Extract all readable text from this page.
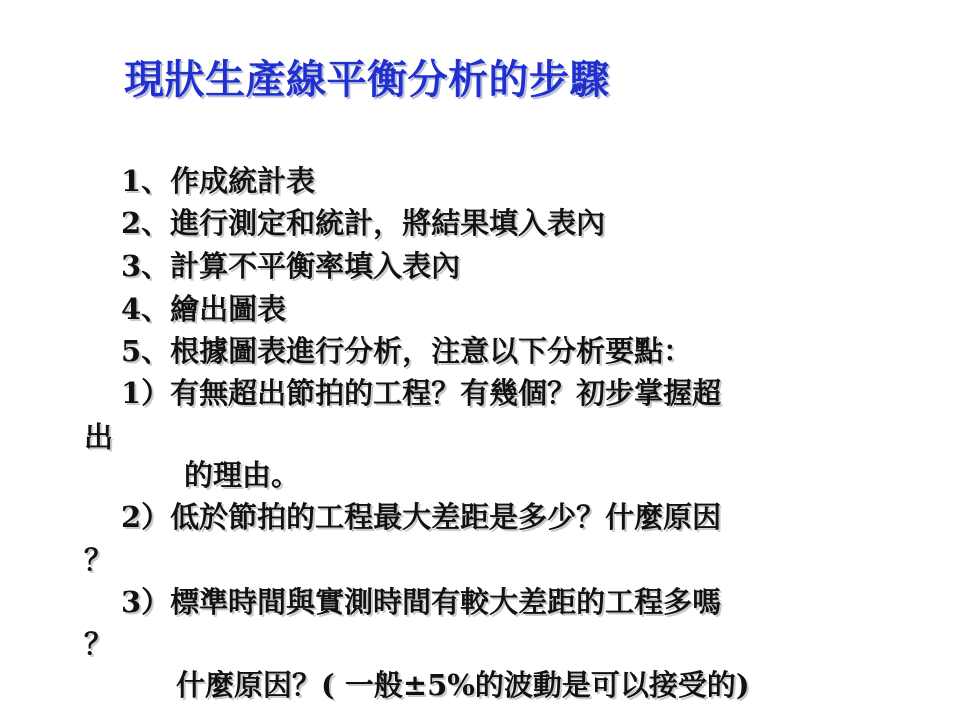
現狀生產線平衡分析的步驟
1、作成統計表
2、進行測定和統計，將結果填入表內
3、計算不平衡率填入表內
4、繪出圖表
5、根據圖表進行分析，注意以下分析要點：
1）有無超出節拍的工程？有幾個？初步掌握超
出
的理由。
2）低於節拍的工程最大差距是多少？什麼原因
？
3）標準時間與實測時間有較大差距的工程多嗎
？
什麼原因？( 一般±5%的波動是可以接受的)
